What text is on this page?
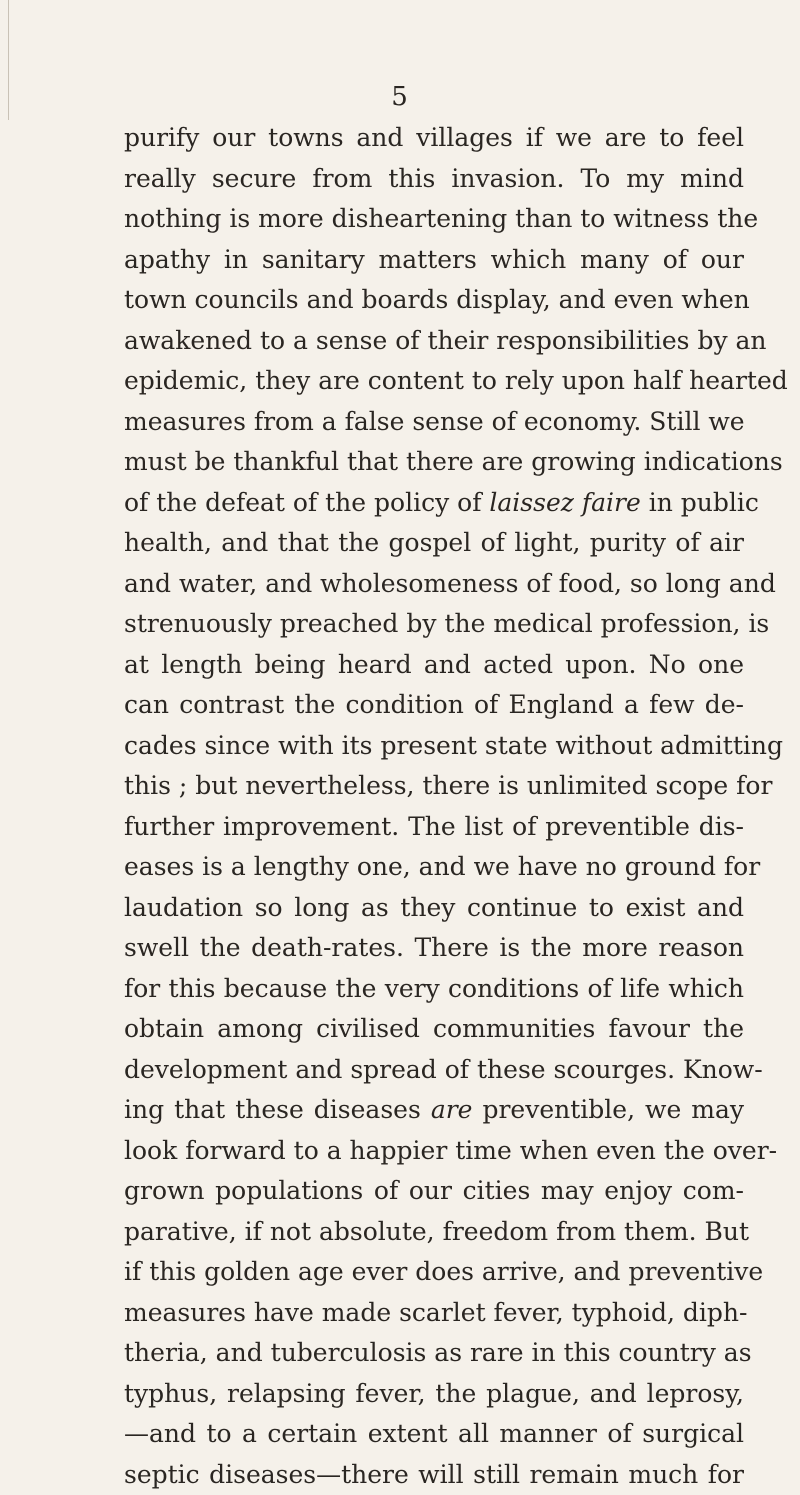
5
purify our towns and villages if we are to feel
really secure from this invasion. To my mind
nothing is more disheartening than to witness the
apathy in sanitary matters which many of our
town councils and boards display, and even when
awakened to a sense of their responsibilities by an
epidemic, they are content to rely upon half hearted
measures from a false sense of economy. Still we
must be thankful that there are growing indications
of the defeat of the policy of laissez faire in public
health, and that the gospel of light, purity of air
and water, and wholesomeness of food, so long and
strenuously preached by the medical profession, is
at length being heard and acted upon. No one
can contrast the condition of England a few de-
cades since with its present state without admitting
this ; but nevertheless, there is unlimited scope for
further improvement. The list of preventible dis-
eases is a lengthy one, and we have no ground for
laudation so long as they continue to exist and
swell the death-rates. There is the more reason
for this because the very conditions of life which
obtain among civilised communities favour the
development and spread of these scourges. Know-
ing that these diseases are preventible, we may
look forward to a happier time when even the over-
grown populations of our cities may enjoy com-
parative, if not absolute, freedom from them. But
if this golden age ever does arrive, and preventive
measures have made scarlet fever, typhoid, diph-
theria, and tuberculosis as rare in this country as
typhus, relapsing fever, the plague, and leprosy,
—and to a certain extent all manner of surgical
septic diseases—there will still remain much for
